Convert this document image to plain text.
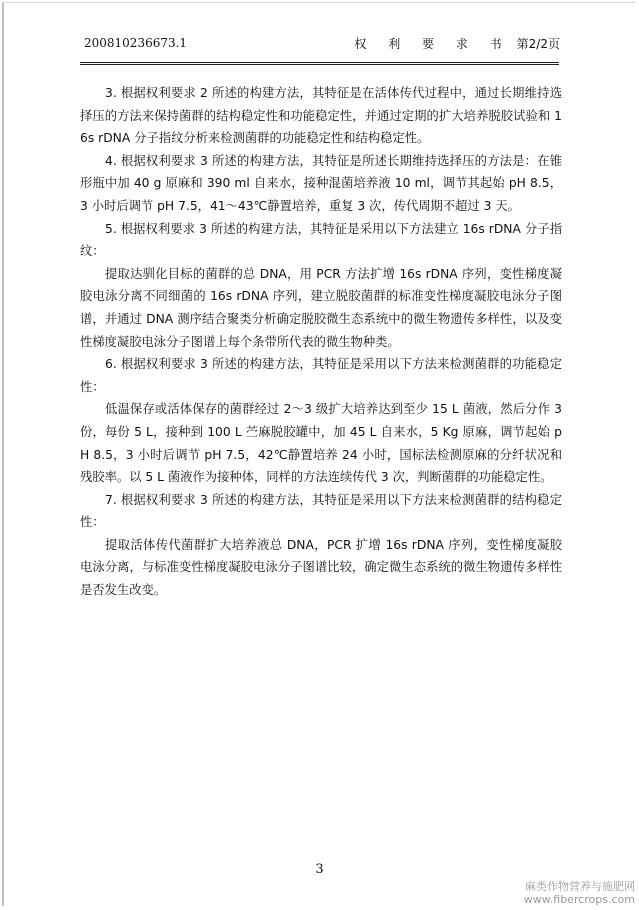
200810236673.1	权 利 要 求 书 第2/2页

3. 根据权利要求 2 所述的构建方法，其特征是在活体传代过程中，通过长期维持选择压的方法来保持菌群的结构稳定性和功能稳定性，并通过定期的扩大培养脱胶试验和 16s rDNA 分子指纹分析来检测菌群的功能稳定性和结构稳定性。

4. 根据权利要求 3 所述的构建方法，其特征是所述长期维持选择压的方法是：在锥形瓶中加 40 g 原麻和 390 ml 自来水，接种混菌培养液 10 ml，调节其起始 pH 8.5，3 小时后调节 pH 7.5，41～43℃静置培养，重复 3 次，传代周期不超过 3 天。

5. 根据权利要求 3 所述的构建方法，其特征是采用以下方法建立 16s rDNA 分子指纹：

提取达驯化目标的菌群的总 DNA，用 PCR 方法扩增 16s rDNA 序列，变性梯度凝胶电泳分离不同细菌的 16s rDNA 序列，建立脱胶菌群的标准变性梯度凝胶电泳分子图谱，并通过 DNA 测序结合聚类分析确定脱胶微生态系统中的微生物遗传多样性，以及变性梯度凝胶电泳分子图谱上每个条带所代表的微生物种类。

6. 根据权利要求 3 所述的构建方法，其特征是采用以下方法来检测菌群的功能稳定性：

低温保存或活体保存的菌群经过 2～3 级扩大培养达到至少 15 L 菌液，然后分作 3 份，每份 5 L，接种到 100 L 苎麻脱胶罐中，加 45 L 自来水，5 Kg 原麻，调节起始 pH 8.5，3 小时后调节 pH 7.5，42℃静置培养 24 小时，国标法检测原麻的分纤状况和残胶率。以 5 L 菌液作为接种体，同样的方法连续传代 3 次，判断菌群的功能稳定性。

7. 根据权利要求 3 所述的构建方法，其特征是采用以下方法来检测菌群的结构稳定性：

提取活体传代菌群扩大培养液总 DNA，PCR 扩增 16s rDNA 序列，变性梯度凝胶电泳分离，与标准变性梯度凝胶电泳分子图谱比较，确定微生态系统的微生物遗传多样性是否发生改变。

3
麻类作物营养与施肥网
www.fibercrops.com
